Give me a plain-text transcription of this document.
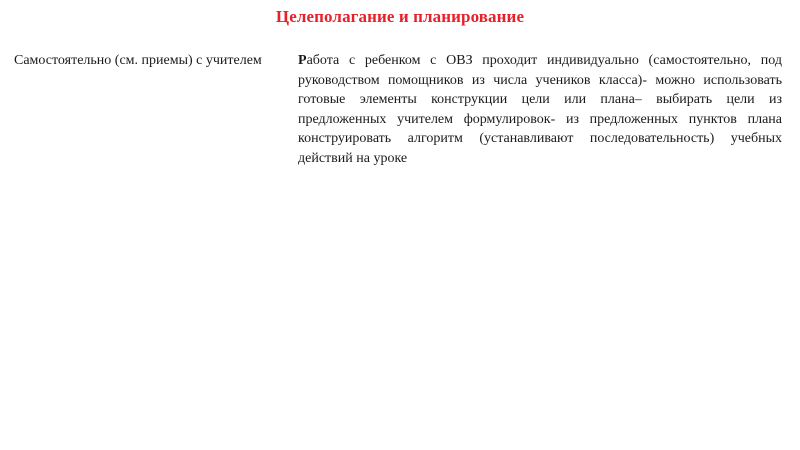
Целеполагание и планирование
Самостоятельно (см. приемы) с учителем	Работа с ребенком с ОВЗ проходит индивидуально (самостоятельно, под руководством помощников из числа учеников класса)- можно использовать готовые элементы конструкции цели или плана– выбирать цели из предложенных учителем формулировок- из предложенных пунктов плана конструировать алгоритм (устанавливают последовательность) учебных действий на уроке
